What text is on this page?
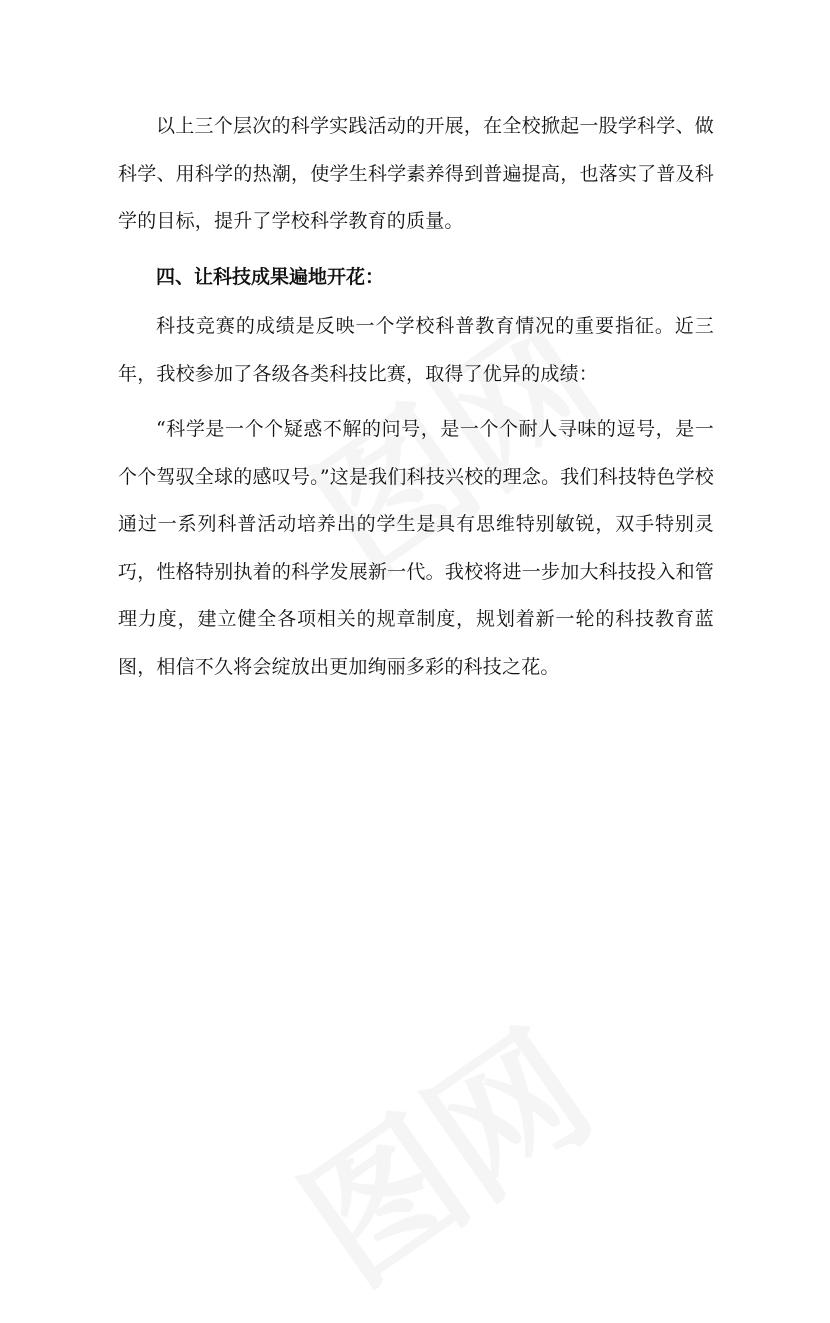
以上三个层次的科学实践活动的开展，在全校掀起一股学科学、做科学、用科学的热潮，使学生科学素养得到普遍提高，也落实了普及科学的目标，提升了学校科学教育的质量。

四、让科技成果遍地开花：

科技竞赛的成绩是反映一个学校科普教育情况的重要指征。近三年，我校参加了各级各类科技比赛，取得了优异的成绩：

“科学是一个个疑惑不解的问号，是一个个耐人寻味的逗号，是一个个驾驭全球的感叹号。”这是我们科技兴校的理念。我们科技特色学校通过一系列科普活动培养出的学生是具有思维特别敏锐，双手特别灵巧，性格特别执着的科学发展新一代。我校将进一步加大科技投入和管理力度，建立健全各项相关的规章制度，规划着新一轮的科技教育蓝图，相信不久将会绽放出更加绚丽多彩的科技之花。
